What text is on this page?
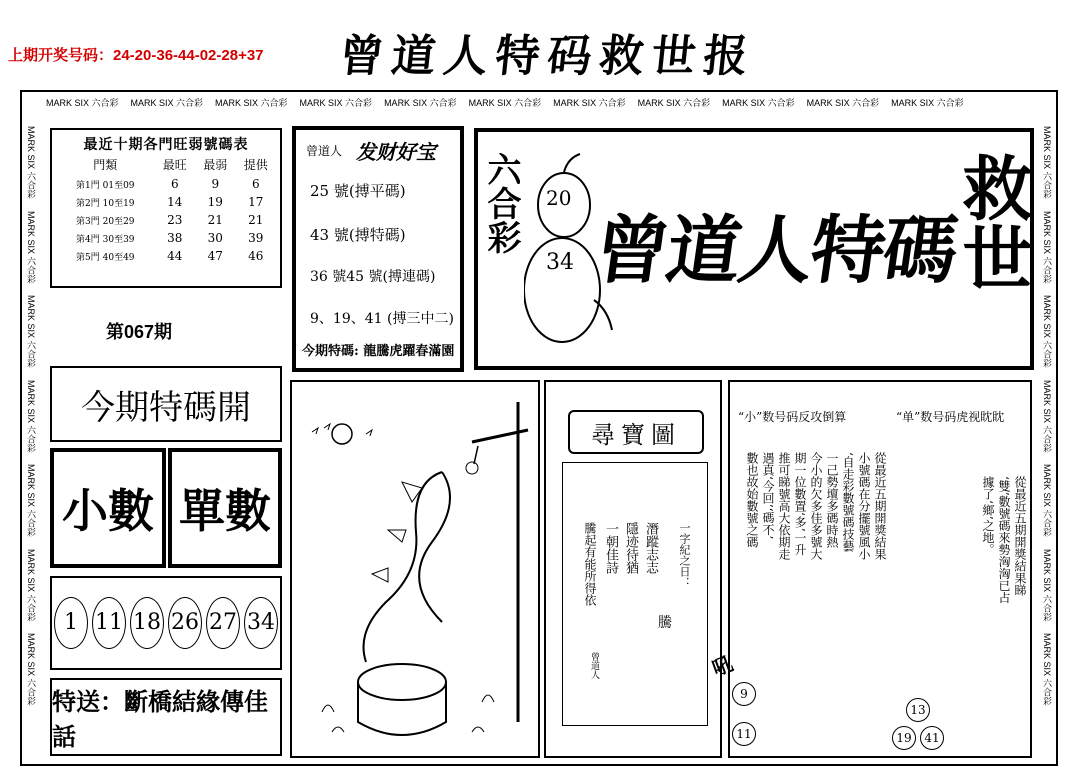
上期开奖号码：24-20-36-44-02-28+37 曾道人特码救世报
MARK SIX 六合彩	MARK SIX 六合彩	MARK SIX 六合彩	MARK SIX 六合彩	MARK SIX 六合彩	MARK SIX 六合彩	MARK SIX 六合彩	MARK SIX 六合彩	MARK SIX 六合彩	MARK SIX 六合彩	MARK SIX 六合彩
MARK SIX 六合彩MARK SIX 六合彩MARK SIX 六合彩MARK SIX 六合彩MARK SIX 六合彩MARK SIX 六合彩MARK SIX 六合彩
MARK SIX 六合彩MARK SIX 六合彩MARK SIX 六合彩MARK SIX 六合彩MARK SIX 六合彩MARK SIX 六合彩MARK SIX 六合彩
最近十期各門旺弱號碼表
門類	最旺	最弱	提供
第1門 01至09	6	9	6
第2門 10至19	14	19	17
第3門 20至29	23	21	21
第4門 30至39	38	30	39
第5門 40至49	44	47	46
第067期
曾道人 发财好宝
25 號(搏平碼)
43 號(搏特碼)
36 號45 號(搏連碼)
9、19、41 (搏三中二)
今期特碼: 龍騰虎躍春滿園
六合彩 20
34 曾道人特碼
救世
今期特碼開
小數 單數
1 11 18 26 27 34
特送：斷橋結緣傳佳話
尋寶圖
一字紀之日：
騰
潛蹤志志
隱迹待猶
一朝佳詩
騰起有能所得依
曾道人
“小”数号码反攻倒算	“单”数号码虎视眈眈
從最近五期開獎結果
小號碼在分擺號風小
‘自走彩數號碼技藝
一己勢壇多碼時熱
今小的欠多佳多號大
期一位數置‘多’一升
推可睇號高大依期走
遇真‘今回’‘碼不’
數也故始數號之碼	從最近五期開獎結果睇
‘雙’數號碼來勢洶洶已占
據了‘鄉’之地。
吼
9
11
13
19	41
